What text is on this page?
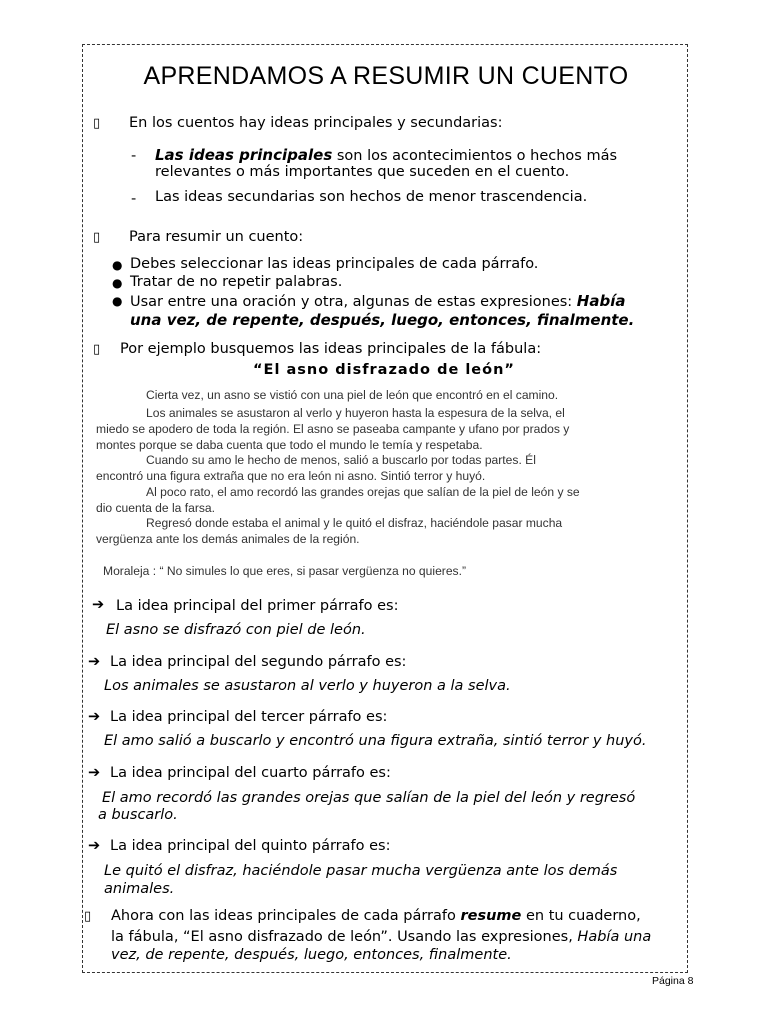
APRENDAMOS A RESUMIR UN CUENTO
▯ En los cuentos hay ideas principales y secundarias:
- Las ideas principales son los acontecimientos o hechos más
relevantes o más importantes que suceden en el cuento.
- Las ideas secundarias son hechos de menor trascendencia.
▯ Para resumir un cuento:
● Debes seleccionar las ideas principales de cada párrafo.
● Tratar de no repetir palabras.
● Usar entre una oración y otra, algunas de estas expresiones: Había
una vez, de repente, después, luego, entonces, finalmente.
▯ Por ejemplo busquemos las ideas principales de la fábula:
“El asno disfrazado de león”
Cierta vez, un asno se vistió con una piel de león que encontró en el camino.
Los animales se asustaron al verlo y huyeron hasta la espesura de la selva, el
miedo se apodero de toda la región. El asno se paseaba campante y ufano por prados y
montes porque se daba cuenta que todo el mundo le temía y respetaba.
Cuando su amo le hecho de menos, salió a buscarlo por todas partes. Él
encontró una figura extraña que no era león ni asno. Sintió terror y huyó.
Al poco rato, el amo recordó las grandes orejas que salían de la piel de león y se
dio cuenta de la farsa.
Regresó donde estaba el animal y le quitó el disfraz, haciéndole pasar mucha
vergüenza ante los demás animales de la región.
Moraleja : “ No simules lo que eres, si pasar vergüenza no quieres.”
➔ La idea principal del primer párrafo es:
El asno se disfrazó con piel de león.
➔ La idea principal del segundo párrafo es:
Los animales se asustaron al verlo y huyeron a la selva.
➔ La idea principal del tercer párrafo es:
El amo salió a buscarlo y encontró una figura extraña, sintió terror y huyó.
➔ La idea principal del cuarto párrafo es:
El amo recordó las grandes orejas que salían de la piel del león y regresó
a buscarlo.
➔ La idea principal del quinto párrafo es:
Le quitó el disfraz, haciéndole pasar mucha vergüenza ante los demás
animales.
▯ Ahora con las ideas principales de cada párrafo resume en tu cuaderno,
la fábula, “El asno disfrazado de león”. Usando las expresiones, Había una
vez, de repente, después, luego, entonces, finalmente.
Página 8
